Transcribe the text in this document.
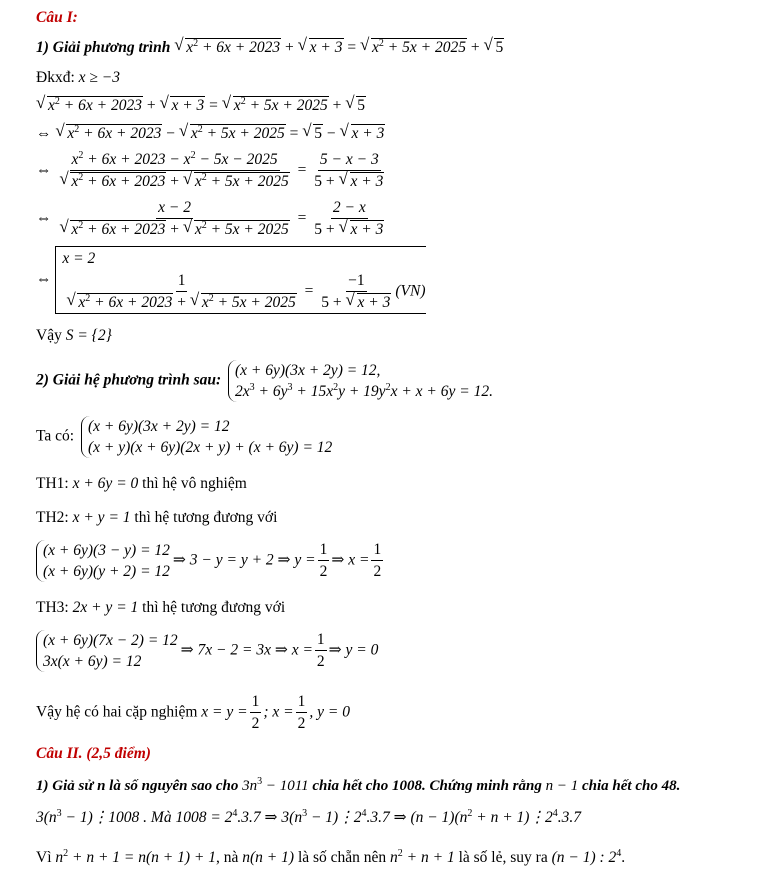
Câu I:
1) Giải phương trình √ $x^2 + 6x + 2023$ + √ x + 3 = √ $x^2 + 5x + 2025$ + √ 5
Đkxđ: x ≥ −3
√ $x^2 + 6x + 2023$ + √ x + 3 = √ $x^2 + 5x + 2025$ + √ 5
⇔ √ $x^2 + 6x + 2023$ − √ $x^2 + 5x + 2025$ = √ 5 − √ x + 3
⇔ $x^2 + 6x + 2023 - x^2 - 5x - 2025$
√ $x^2 + 6x + 2023$ + √ $x^2 + 5x + 2025 = \frac{5 - x - 3}{5 + √ x + 3}$
⇔ x − 2
√ $x^2 + 6x + 2023$ + √ $x^2 + 5x + 2025 = \frac{2 - x}{5 + √ x + 3}$
⇔
x = 2
1
√ $x^2 + 6x + 2023$ + √ $x^2 + 5x + 2025 = \frac{-1}{5 + √ x + 3} (VN)$
Vậy S = {2}
2) Giải hệ phương trình sau:
(x + 6y)(3x + 2y) = 12,
$2x^3 + 6y^3 + 15x^2y + 19y^2x + x + 6y = 12$.
Ta có:
(x + 6y)(3x + 2y) = 12
(x + y)(x + 6y)(2x + y) + (x + 6y) = 12
TH1: x + 6y = 0 thì hệ vô nghiệm
TH2: x + y = 1 thì hệ tương đương với
(x + 6y)(3 − y) = 12
(x + 6y)(y + 2) = 12
⇒ 3 − y = y + 2 ⇒ $y = \frac{1}{2}$ ⇒ $x = \frac{1}{2}$
TH3: 2x + y = 1 thì hệ tương đương với
(x + 6y)(7x − 2) = 12
3x(x + 6y) = 12
⇒ 7x − 2 = 3x ⇒ $x = \frac{1}{2}$ ⇒ y = 0
Vậy hệ có hai cặp nghiệm $x = y = \frac{1}{2}$ ; $x = \frac{1}{2}$ , y = 0
Câu II. (2,5 điểm)
1) Giả sử n là số nguyên sao cho $3n^3 - 1011$ chia hết cho 1008. Chứng minh rằng n − 1 chia hết cho 48.
$3(n^3$ − 1)⋮1008 . Mà $1008 = 2^4.3.7$ ⇒ $3(n^3$ − $1)⋮2^4.3.7$ ⇒ $(n - 1)(n^2 + n$ + $1)⋮2^4.3.7$
Vì $n^2 + n + 1 = n(n + 1) + 1$, nà n(n + 1) là số chẵn nên $n^2 + n + 1$ là số lẻ, suy ra (n − 1) : $2^4$.
